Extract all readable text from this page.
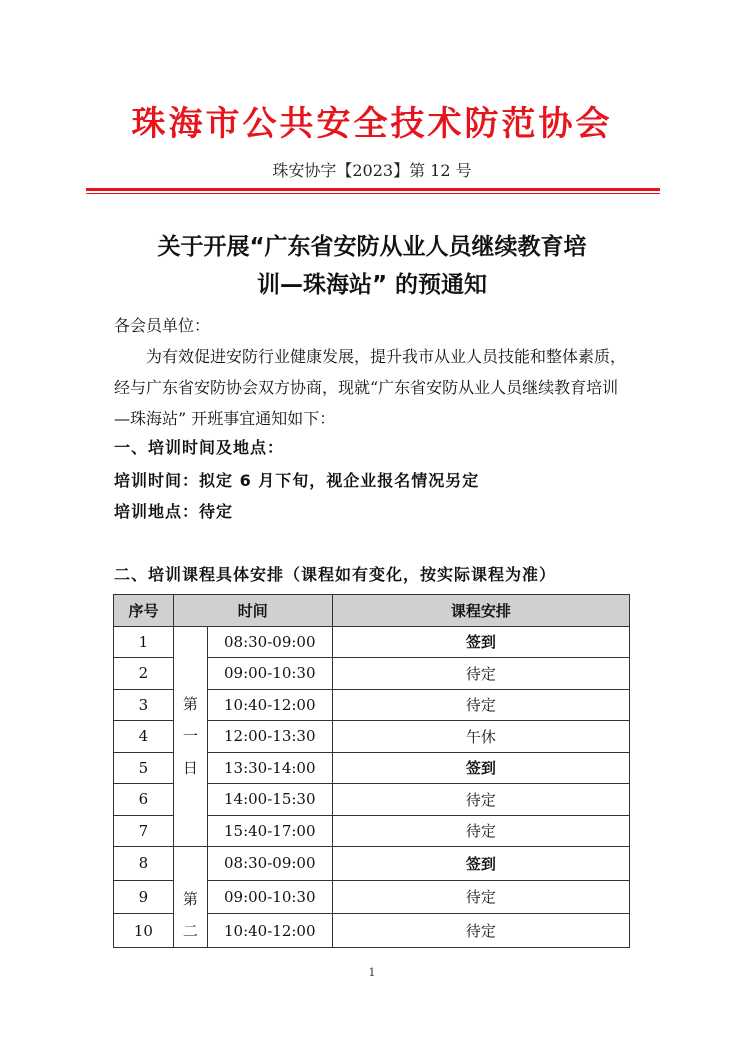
珠海市公共安全技术防范协会
珠安协字【2023】第 12 号
关于开展“广东省安防从业人员继续教育培
训—珠海站” 的预通知
各会员单位：
为有效促进安防行业健康发展，提升我市从业人员技能和整体素质，经与广东省安防协会双方协商，现就“广东省安防从业人员继续教育培训—珠海站” 开班事宜通知如下：
一、培训时间及地点：
培训时间：拟定 6 月下旬，视企业报名情况另定
培训地点：待定
二、培训课程具体安排（课程如有变化，按实际课程为准）
序号	时间		课程安排
1	第一日	08:30-09:00	签到
2		09:00-10:30	待定
3		10:40-12:00	待定
4		12:00-13:30	午休
5		13:30-14:00	签到
6		14:00-15:30	待定
7		15:40-17:00	待定
8	第二	08:30-09:00	签到
9		09:00-10:30	待定
10		10:40-12:00	待定
1
